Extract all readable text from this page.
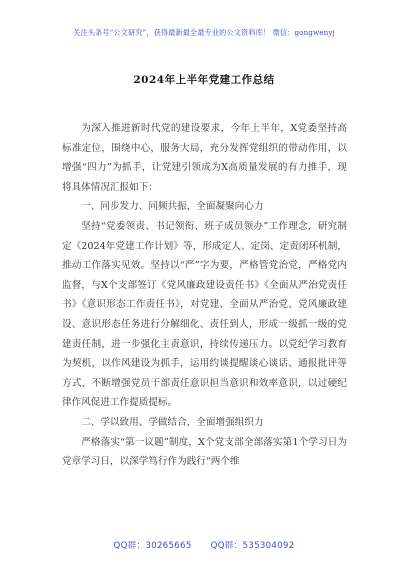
关注头条号“公文研究”，获得最新最全最专业的公文资料库！ 微信：gongwenyj
2024年上半年党建工作总结

为深入推进新时代党的建设要求，今年上半年，X党委坚持高标准定位，围绕中心，服务大局，充分发挥党组织的带动作用，以增强“四力”为抓手，让党建引领成为X高质量发展的有力推手，现将具体情况汇报如下：

一、同步发力、同频共振，全面凝聚向心力

坚持“党委领责、书记领衔、班子成员领办”工作理念，研究制定《2024年党建工作计划》等，形成定人、定岗、定责闭环机制，推动工作落实见效。坚持以“严”字为要，严格管党治党，严格党内监督，与X个支部签订《党风廉政建设责任书》《全面从严治党责任书》《意识形态工作责任书》，对党建、全面从严治党、党风廉政建设、意识形态任务进行分解细化、责任到人，形成一级抓一级的党建责任制，进一步强化主责意识，持续传递压力。以党纪学习教育为契机，以作风建设为抓手，运用约谈提醒谈心谈话、通报批评等方式，不断增强党员干部责任意识担当意识和效率意识，以过硬纪律作风促进工作提质提标。

二、学以致用、学做结合，全面增强组织力

严格落实“第一议题”制度，X个党支部全部落实第1个学习日为党章学习日，以深学笃行作为践行“两个维

QQ群：30265665 QQ群：535304092
